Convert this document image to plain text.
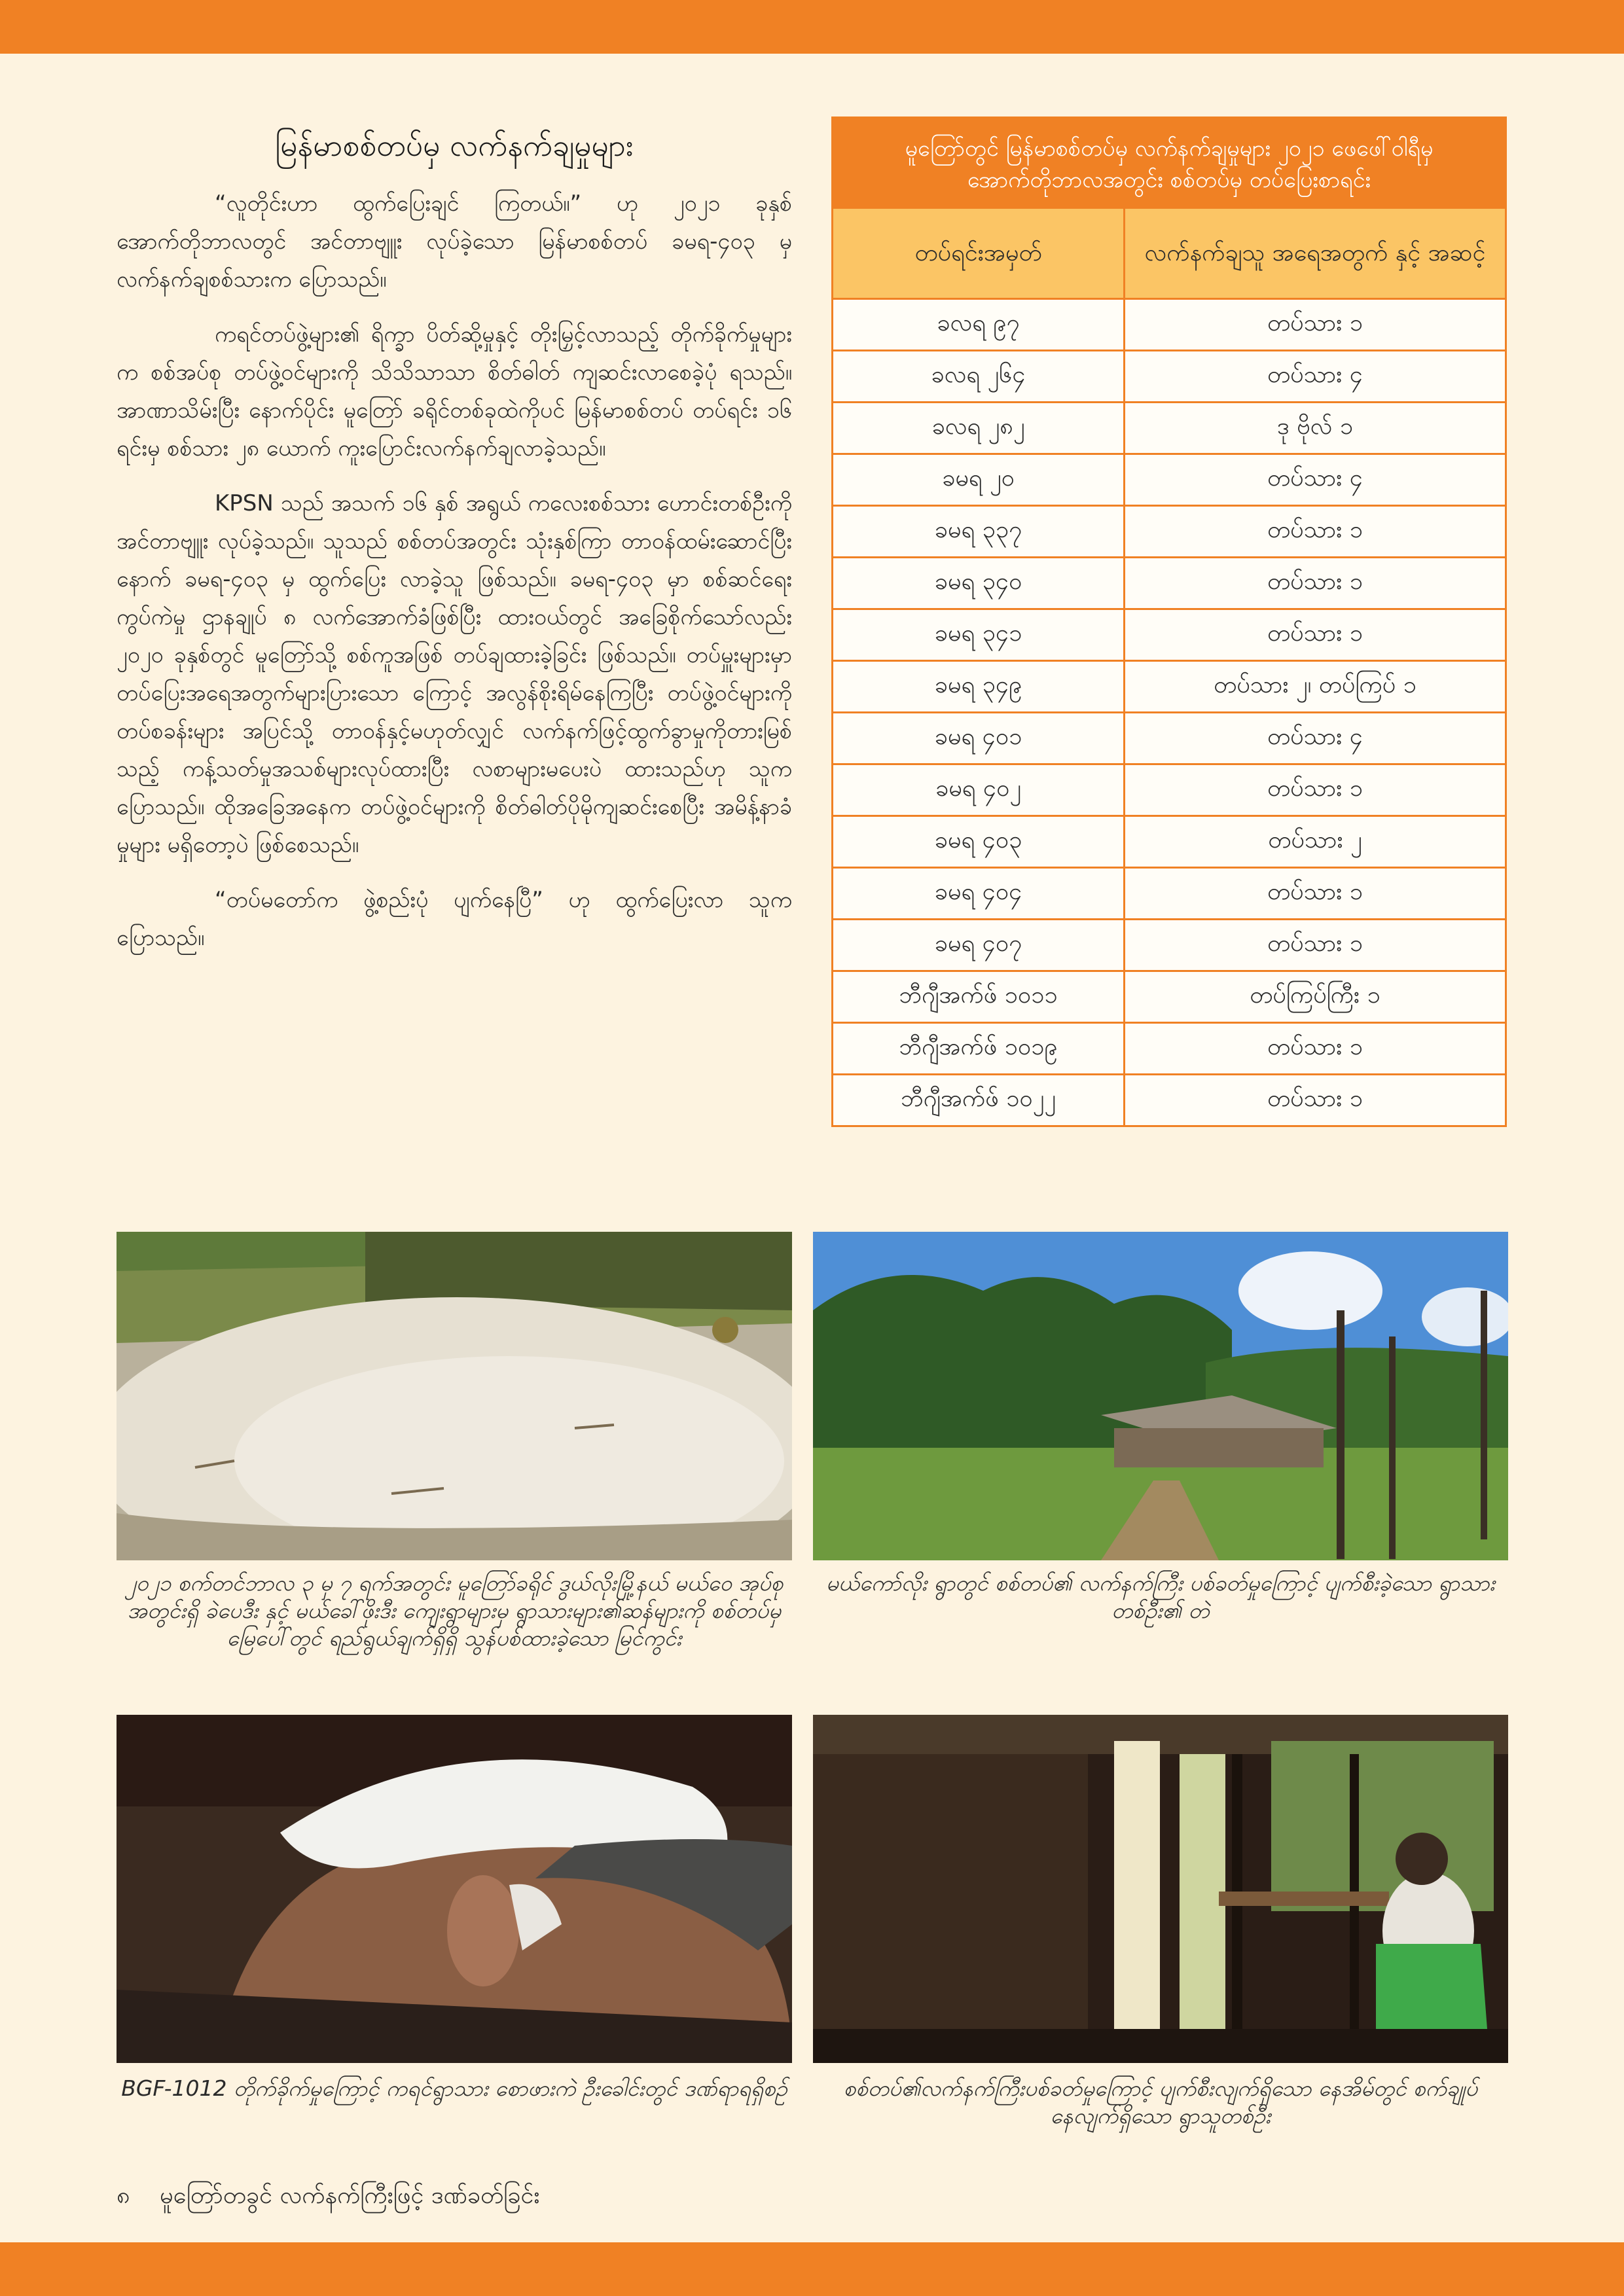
မြန်မာစစ်တပ်မှ လက်နက်ချမှုများ

“လူတိုင်းဟာ ထွက်ပြေးချင် ကြတယ်။” ဟု ၂၀၂၁ ခုနှစ် အောက်တိုဘာလတွင် အင်တာဗျူး လုပ်ခဲ့သော မြန်မာစစ်တပ် ခမရ-၄၀၃ မှ လက်နက်ချစစ်သားက ပြောသည်။

ကရင်တပ်ဖွဲ့များ၏ ရိက္ခာ ပိတ်ဆို့မှုနှင့် တိုးမြှင့်လာသည့် တိုက်ခိုက်မှုများက စစ်အပ်စု တပ်ဖွဲ့ဝင်များကို သိသိသာသာ စိတ်ဓါတ် ကျဆင်းလာစေခဲ့ပုံ ရသည်။ အာဏာသိမ်းပြီး နောက်ပိုင်း မူတြော် ခရိုင်တစ်ခုထဲကိုပင် မြန်မာစစ်တပ် တပ်ရင်း ၁၆ ရင်းမှ စစ်သား ၂၈ ယောက် ကူးပြောင်းလက်နက်ချလာခဲ့သည်။

KPSN သည် အသက် ၁၆ နှစ် အရွယ် ကလေးစစ်သား ဟောင်းတစ်ဦးကို အင်တာဗျူး လုပ်ခဲ့သည်။ သူသည် စစ်တပ်အတွင်း သုံးနှစ်ကြာ တာဝန်ထမ်းဆောင်ပြီးနောက် ခမရ-၄၀၃ မှ ထွက်ပြေး လာခဲ့သူ ဖြစ်သည်။ ခမရ-၄၀၃ မှာ စစ်ဆင်ရေး ကွပ်ကဲမှု ဌာနချုပ် ၈ လက်အောက်ခံဖြစ်ပြီး ထားဝယ်တွင် အခြေစိုက်သော်လည်း ၂၀၂၀ ခုနှစ်တွင် မူတြော်သို့ စစ်ကူအဖြစ် တပ်ချထားခဲ့ခြင်း ဖြစ်သည်။ တပ်မှူးများမှာ တပ်ပြေးအရေအတွက်များပြားသော ကြောင့် အလွန်စိုးရိမ်နေကြပြီး တပ်ဖွဲ့ဝင်များကို တပ်စခန်းများ အပြင်သို့ တာဝန်နှင့်မဟုတ်လျှင် လက်နက်ဖြင့်ထွက်ခွာမှုကိုတားမြစ် သည့် ကန့်သတ်မှုအသစ်များလုပ်ထားပြီး လစာများမပေးပဲ ထားသည်ဟု သူကပြောသည်။ ထိုအခြေအနေက တပ်ဖွဲ့ဝင်များကို စိတ်ဓါတ်ပိုမိုကျဆင်းစေပြီး အမိန့်နာခံမှုများ မရှိတော့ပဲ ဖြစ်စေသည်။

“တပ်မတော်က ဖွဲ့စည်းပုံ ပျက်နေပြီ” ဟု ထွက်ပြေးလာ သူက ပြောသည်။

မူတြော်တွင် မြန်မာစစ်တပ်မှ လက်နက်ချမှုများ ၂၀၂၁ ဖေဖေါ်ဝါရီမှ အောက်တိုဘာလအတွင်း စစ်တပ်မှ တပ်ပြေးစာရင်း
တပ်ရင်းအမှတ်	လက်နက်ချသူ အရေအတွက် နှင့် အဆင့်
ခလရ ၉၇	တပ်သား ၁
ခလရ ၂၆၄	တပ်သား ၄
ခလရ ၂၈၂	ဒု ဗိုလ် ၁
ခမရ ၂၀	တပ်သား ၄
ခမရ ၃၃၇	တပ်သား ၁
ခမရ ၃၄၀	တပ်သား ၁
ခမရ ၃၄၁	တပ်သား ၁
ခမရ ၃၄၉	တပ်သား ၂၊ တပ်ကြပ် ၁
ခမရ ၄၀၁	တပ်သား ၄
ခမရ ၄၀၂	တပ်သား ၁
ခမရ ၄၀၃	တပ်သား ၂
ခမရ ၄၀၄	တပ်သား ၁
ခမရ ၄၀၇	တပ်သား ၁
ဘီဂျီအက်ဖ် ၁၀၁၁	တပ်ကြပ်ကြီး ၁
ဘီဂျီအက်ဖ် ၁၀၁၉	တပ်သား ၁
ဘီဂျီအက်ဖ် ၁၀၂၂	တပ်သား ၁
၂၀၂၁ စက်တင်ဘာလ ၃ မှ ၇ ရက်အတွင်း မူတြော်ခရိုင် ဒွယ်လိုးမြို့နယ် မယ်ဝေ အုပ်စုအတွင်းရှိ ခဲပေဒီး နှင့် မယ်ခေါ်ဖိုးဒီး ကျေးရွာများမှ ရွာသားများ၏ဆန်များကို စစ်တပ်မှ မြေပေါ်တွင် ရည်ရွယ်ချက်ရှိရှိ သွန်ပစ်ထားခဲ့သော မြင်ကွင်း
မယ်ကော်လိုး ရွာတွင် စစ်တပ်၏ လက်နက်ကြီး ပစ်ခတ်မှုကြောင့် ပျက်စီးခဲ့သော ရွာသားတစ်ဦး၏ တဲ
BGF-1012 တိုက်ခိုက်မှုကြောင့် ကရင်ရွာသား စောဖားကဲ ဦးခေါင်းတွင် ဒဏ်ရာရရှိစဉ်	စစ်တပ်၏လက်နက်ကြီးပစ်ခတ်မှုကြောင့် ပျက်စီးလျက်ရှိသော နေအိမ်တွင် စက်ချုပ်နေလျက်ရှိသော ရွာသူတစ်ဦး
၈ မူတြော်တခွင် လက်နက်ကြီးဖြင့် ဒဏ်ခတ်ခြင်း
